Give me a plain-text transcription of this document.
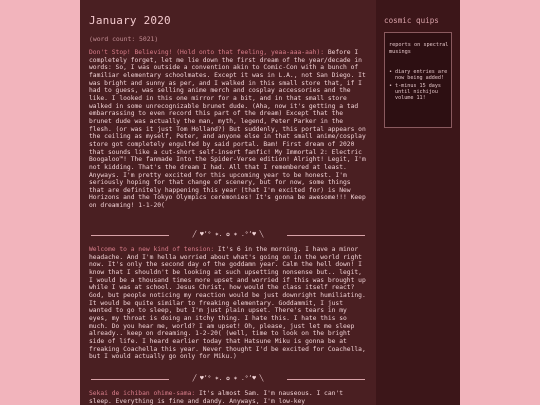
January 2020
(word count: 5021)

Don't Stop! Believing! (Hold onto that feeling, yeaa-aaa-aah): Before I completely forget, let me lie down the first dream of the year/decade in words: So, I was outside a convention akin to Comic-Con with a bunch of familiar elementary schoolmates. Except it was in L.A., not San Diego. It was bright and sunny as per, and I walked in this small store that, if I had to guess, was selling anime merch and cosplay accessories and the like. I looked in this one mirror for a bit, and in that small store walked in some unrecognizable brunet dude. (Aha, now it's getting a tad embarrassing to even record this part of the dream) Except that the brunet dude was actually the man, myth, legend, Peter Parker in the flesh. (or was it just Tom Holland?) But suddenly, this portal appears on the ceiling as myself, Peter, and anyone else in that small anime/cosplay store got completely engulfed by said portal. Bam! First dream of 2020 that sounds like a cut-short self-insert fanfic! My Immortal 2: Electric Boogaloo™! The fanmade Into the Spider-Verse edition! Alright! Legit, I'm not kidding. That's the dream I had. All that I remembered at least. Anyways. I'm pretty excited for this upcoming year to be honest. I'm seriously hoping for that change of scenery, but for now, some things that are definitely happening this year (that I'm excited for) is New Horizons and the Tokyo Olympics ceremonies! It's gonna be awesome!!! Keep on dreaming! 1-1-20(

╱ ♥‘° ✶. ✿ ✶ .°‘♥ ╲

Welcome to a new kind of tension: It's 6 in the morning. I have a minor headache. And I'm hella worried about what's going on in the world right now. It's only the second day of the goddamn year. Calm the hell down! I know that I shouldn't be looking at such upsetting nonsense but.. legit, I would be a thousand times more upset and worried if this was brought up while I was at school. Jesus Christ, how would the class itself react? God, but people noticing my reaction would be just downright humiliating. It would be quite similar to freaking elementary. Goddammit, I just wanted to go to sleep, but I'm just plain upset. There's tears in my eyes, my throat is doing an itchy thing. I hate this. I hate this so much. Do you hear me, world? I am upset! Oh, please, just let me sleep already.. keep on dreaming. 1-2-20( (well, time to look on the bright side of life. I heard earlier today that Hatsune Miku is gonna be at freaking Coachella this year. Never thought I'd be excited for Coachella, but I would actually go only for Miku.)

╱ ♥‘° ✶. ✿ ✶ .°‘♥ ╲

Sekai de ichiban ohime-sama: It's almost 5am. I'm nauseous. I can't sleep. Everything is fine and dandy. Anyways, I'm low-key

cosmic quips
reports on spectral musings
• diary entries are now being added!
• t-minus 15 days until nichijou volume 11!
